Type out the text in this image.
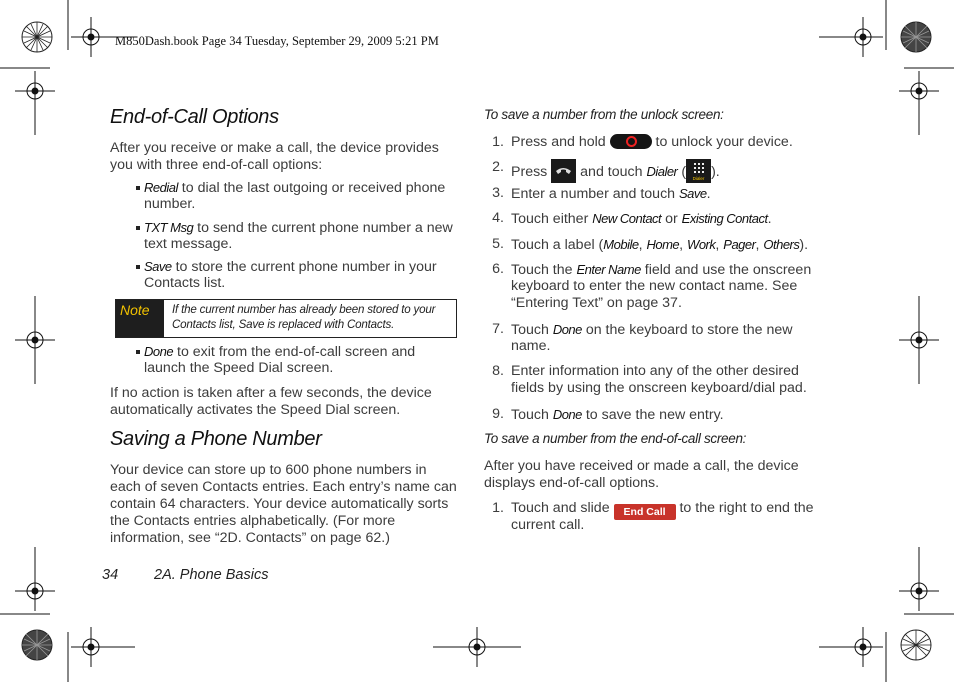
M850Dash.book Page 34 Tuesday, September 29, 2009 5:21 PM
End-of-Call Options
After you receive or make a call, the device provides
you with three end-of-call options:
Redial to dial the last outgoing or received phone
number.
TXT Msg to send the current phone number a new
text message.
Save to store the current phone number in your
Contacts list.
Note	If the current number has already been stored to your
Contacts list, Save is replaced with Contacts.
Done to exit from the end-of-call screen and
launch the Speed Dial screen.
If no action is taken after a few seconds, the device
automatically activates the Speed Dial screen.
Saving a Phone Number
Your device can store up to 600 phone numbers in
each of seven Contacts entries. Each entry’s name can
contain 64 characters. Your device automatically sorts
the Contacts entries alphabetically. (For more
information, see “2D. Contacts” on page 62.)
34 2A. Phone Basics
To save a number from the unlock screen:
1. Press and hold	to unlock your device.
2. Press  and touch Dialer ( Dialer ).
3. Enter a number and touch Save.
4. Touch either New Contact or Existing Contact.
5. Touch a label (Mobile, Home, Work, Pager, Others).
6. Touch the Enter Name field and use the onscreen
keyboard to enter the new contact name. See
“Entering Text” on page 37.
7. Touch Done on the keyboard to store the new
name.
8. Enter information into any of the other desired
fields by using the onscreen keyboard/dial pad.
9. Touch Done to save the new entry.
To save a number from the end-of-call screen:
After you have received or made a call, the device
displays end-of-call options.
1. Touch and slide End Call to the right to end the
current call.
